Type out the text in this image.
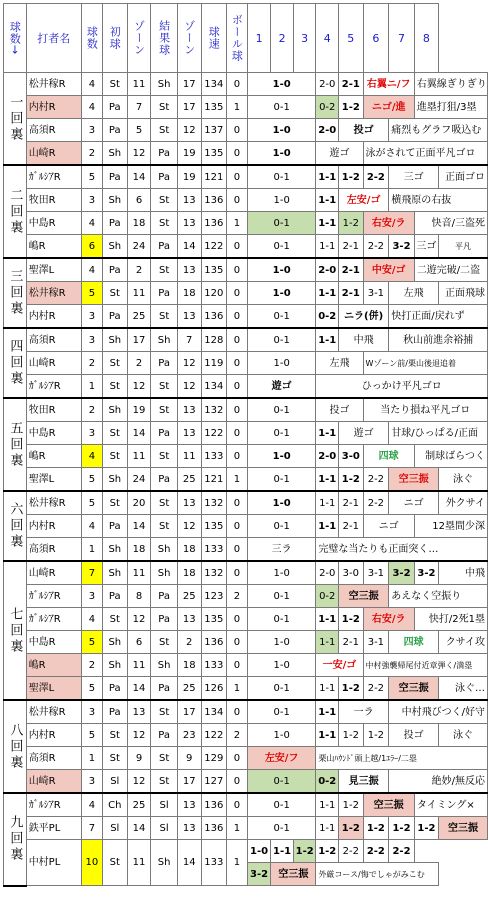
球数→	打者名	球数	初球	ゾーン	結果球	ゾーン	球速	ボール球	1	2	3	4	5	6	7	8	
一回裏	松井稼R	4	St	11	Sh	17	134	0	1-0			2-0	2-1	右翼ニ/フ		右翼線ぎりぎり	
	内村R	4	Pa	7	St	17	135	1	0-1			0-2	1-2	ニゴ/進		進塁打狙/3塁	
	高須R	3	Pa	5	St	12	137	0	1-0			2-0	投ゴ		痛烈もグラフ吸込む		
	山崎R	2	Sh	12	Pa	19	135	0	1-0			遊ゴ		泳がされて正面平凡ゴロ			
二回裏	ｶﾞﾙｼｱR	5	Pa	14	Pa	19	121	0	0-1			1-1	1-2	2-2	三ゴ		正面ゴロ
	牧田R	3	Sh	6	St	13	136	0	1-0			1-1	左安/ゴ		横飛原の右抜		
	中島R	4	Pa	18	St	13	136	1	0-1			1-1	1-2	右安/ラ		快音/三盗死	
	嶋R	6	Sh	24	Pa	14	122	0	0-1			1-1	2-1	2-2	3-2	三ゴ	平凡
三回裏	聖澤L	4	Pa	2	St	13	135	0	1-0			2-0	2-1	中安/ゴ		二遊完破/二盗	
	松井稼R	5	St	11	Pa	18	120	0	1-0			1-1	2-1	3-1	左飛		正面飛球
	内村R	3	Pa	25	St	13	136	0	0-1			0-2	ニラ(併)		快打正面/戻れず		
四回裏	高須R	3	Sh	17	Sh	7	128	0	0-1			1-1	中飛		秋山前進余裕捕		
	山崎R	2	St	2	Pa	12	119	0	1-0			左飛		Wゾーン前/栗山後退追着			
	ｶﾞﾙｼｱR	1	St	12	St	12	134	0	遊ゴ			ひっかけ平凡ゴロ					
五回裏	牧田R	2	Sh	19	St	13	132	0	0-1			投ゴ		当たり損ね平凡ゴロ			
	中島R	3	St	14	Pa	13	122	0	0-1			1-1	遊ゴ		甘球/ひっぱる/正面		
	嶋R	4	St	11	St	11	133	0	1-0			2-0	3-0	四球		制球ばらつく	
	聖澤L	5	Sh	24	Pa	25	121	1	0-1			1-1	1-2	2-2	空三振		泳ぐ
六回裏	松井稼R	5	St	20	St	13	132	0	1-0			1-1	2-1	2-2	ニゴ		外クサイ
	内村R	4	Pa	14	St	12	135	0	0-1			1-1	2-1	ニゴ		12塁間少深	
	高須R	1	Sh	18	Sh	18	133	0	三ラ			完璧な当たりも正面突く…					
七回裏	山崎R	7	Sh	11	Sh	18	132	0	1-0			2-0	3-0	3-1	3-2	3-2	中飛
	ｶﾞﾙｼｱR	3	Pa	8	Pa	25	123	2	0-1			0-2	空三振		あえなく空振り		
	ｶﾞﾙｼｱR	4	St	12	Pa	13	135	0	0-1			1-1	1-2	右安/ラ		快打/2死1塁	
	中島R	5	Sh	6	St	2	136	0	1-0			1-1	2-1	3-1	四球		クサイ攻
	嶋R	2	Sh	11	Sh	18	133	0	1-0			一安/ゴ		中村強襲帰尾付近章弾く/満塁			
	聖澤L	5	Pa	14	Pa	25	126	1	0-1			1-1	1-2	2-2	空三振		泳ぐ…
八回裏	松井稼R	3	Pa	13	St	17	134	0	0-1			1-1	一ラ		中村飛びつく/好守		
	内村R	5	St	12	Pa	23	122	2	1-0			1-1	1-2	1-2	投ゴ		泳ぐ
	高須R	1	St	9	St	9	129	0	左安/フ			栗山ﾊｳﾝﾄﾞ頭上越/1ｴﾗｰ/二塁					
	山崎R	3	Sl	12	St	17	127	0	0-1			0-2	見三振		絶妙/無反応		
九回裏	ｶﾞﾙｼｱR	4	Ch	25	Sl	13	136	0	0-1			1-1	1-2	空三振		タイミング×	
	鉄平PL	7	Sl	14	Sl	13	136	1	0-1			1-1	1-2	1-2	1-2	1-2	空三振
	中村PL	10	St	11	Sh	14	133	1	1-0	1-1	1-2	1-2	2-2	2-2	2-2		
									3-2	空三振		外厳コース/悔でしゃがみこむ					
